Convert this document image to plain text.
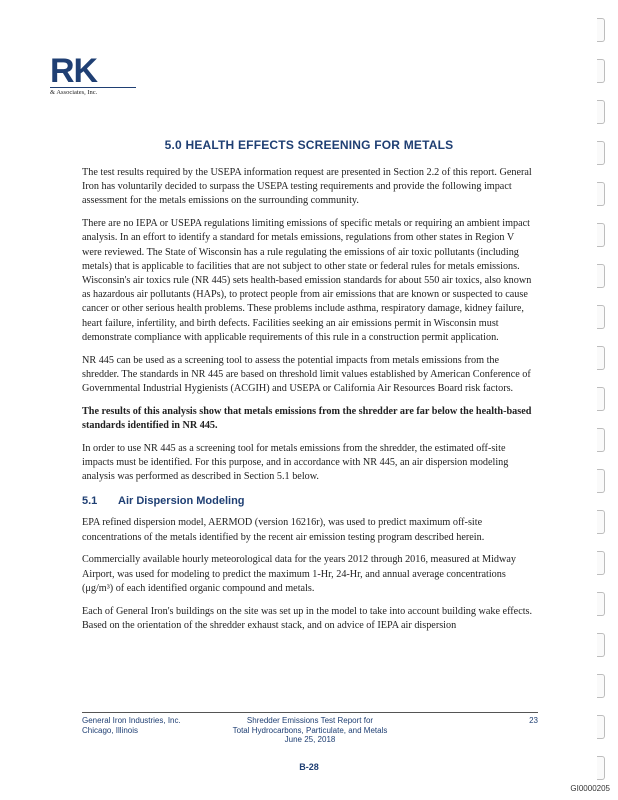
RK
& Associates, Inc.
5.0 HEALTH EFFECTS SCREENING FOR METALS

The test results required by the USEPA information request are presented in Section 2.2 of this report. General Iron has voluntarily decided to surpass the USEPA testing requirements and provide the following impact assessment for the metals emissions on the surrounding community.

There are no IEPA or USEPA regulations limiting emissions of specific metals or requiring an ambient impact analysis. In an effort to identify a standard for metals emissions, regulations from other states in Region V were reviewed. The State of Wisconsin has a rule regulating the emissions of air toxic pollutants (including metals) that is applicable to facilities that are not subject to other state or federal rules for metals emissions. Wisconsin's air toxics rule (NR 445) sets health-based emission standards for about 550 air toxics, also known as hazardous air pollutants (HAPs), to protect people from air emissions that are known or suspected to cause cancer or other serious health problems. These problems include asthma, respiratory damage, kidney failure, heart failure, infertility, and birth defects. Facilities seeking an air emissions permit in Wisconsin must demonstrate compliance with applicable requirements of this rule in a construction permit application.

NR 445 can be used as a screening tool to assess the potential impacts from metals emissions from the shredder. The standards in NR 445 are based on threshold limit values established by American Conference of Governmental Industrial Hygienists (ACGIH) and USEPA or California Air Resources Board risk factors.

The results of this analysis show that metals emissions from the shredder are far below the health-based standards identified in NR 445.

In order to use NR 445 as a screening tool for metals emissions from the shredder, the estimated off-site impacts must be identified. For this purpose, and in accordance with NR 445, an air dispersion modeling analysis was performed as described in Section 5.1 below.

5.1	Air Dispersion Modeling

EPA refined dispersion model, AERMOD (version 16216r), was used to predict maximum off-site concentrations of the metals identified by the recent air emission testing program described herein.

Commercially available hourly meteorological data for the years 2012 through 2016, measured at Midway Airport, was used for modeling to predict the maximum 1-Hr, 24-Hr, and annual average concentrations (μg/m³) of each identified organic compound and metals.

Each of General Iron's buildings on the site was set up in the model to take into account building wake effects. Based on the orientation of the shredder exhaust stack, and on advice of IEPA air dispersion

General Iron Industries, Inc.
Chicago, Illinois
Shredder Emissions Test Report for
Total Hydrocarbons, Particulate, and Metals
June 25, 2018
23
B-28
GI0000205
